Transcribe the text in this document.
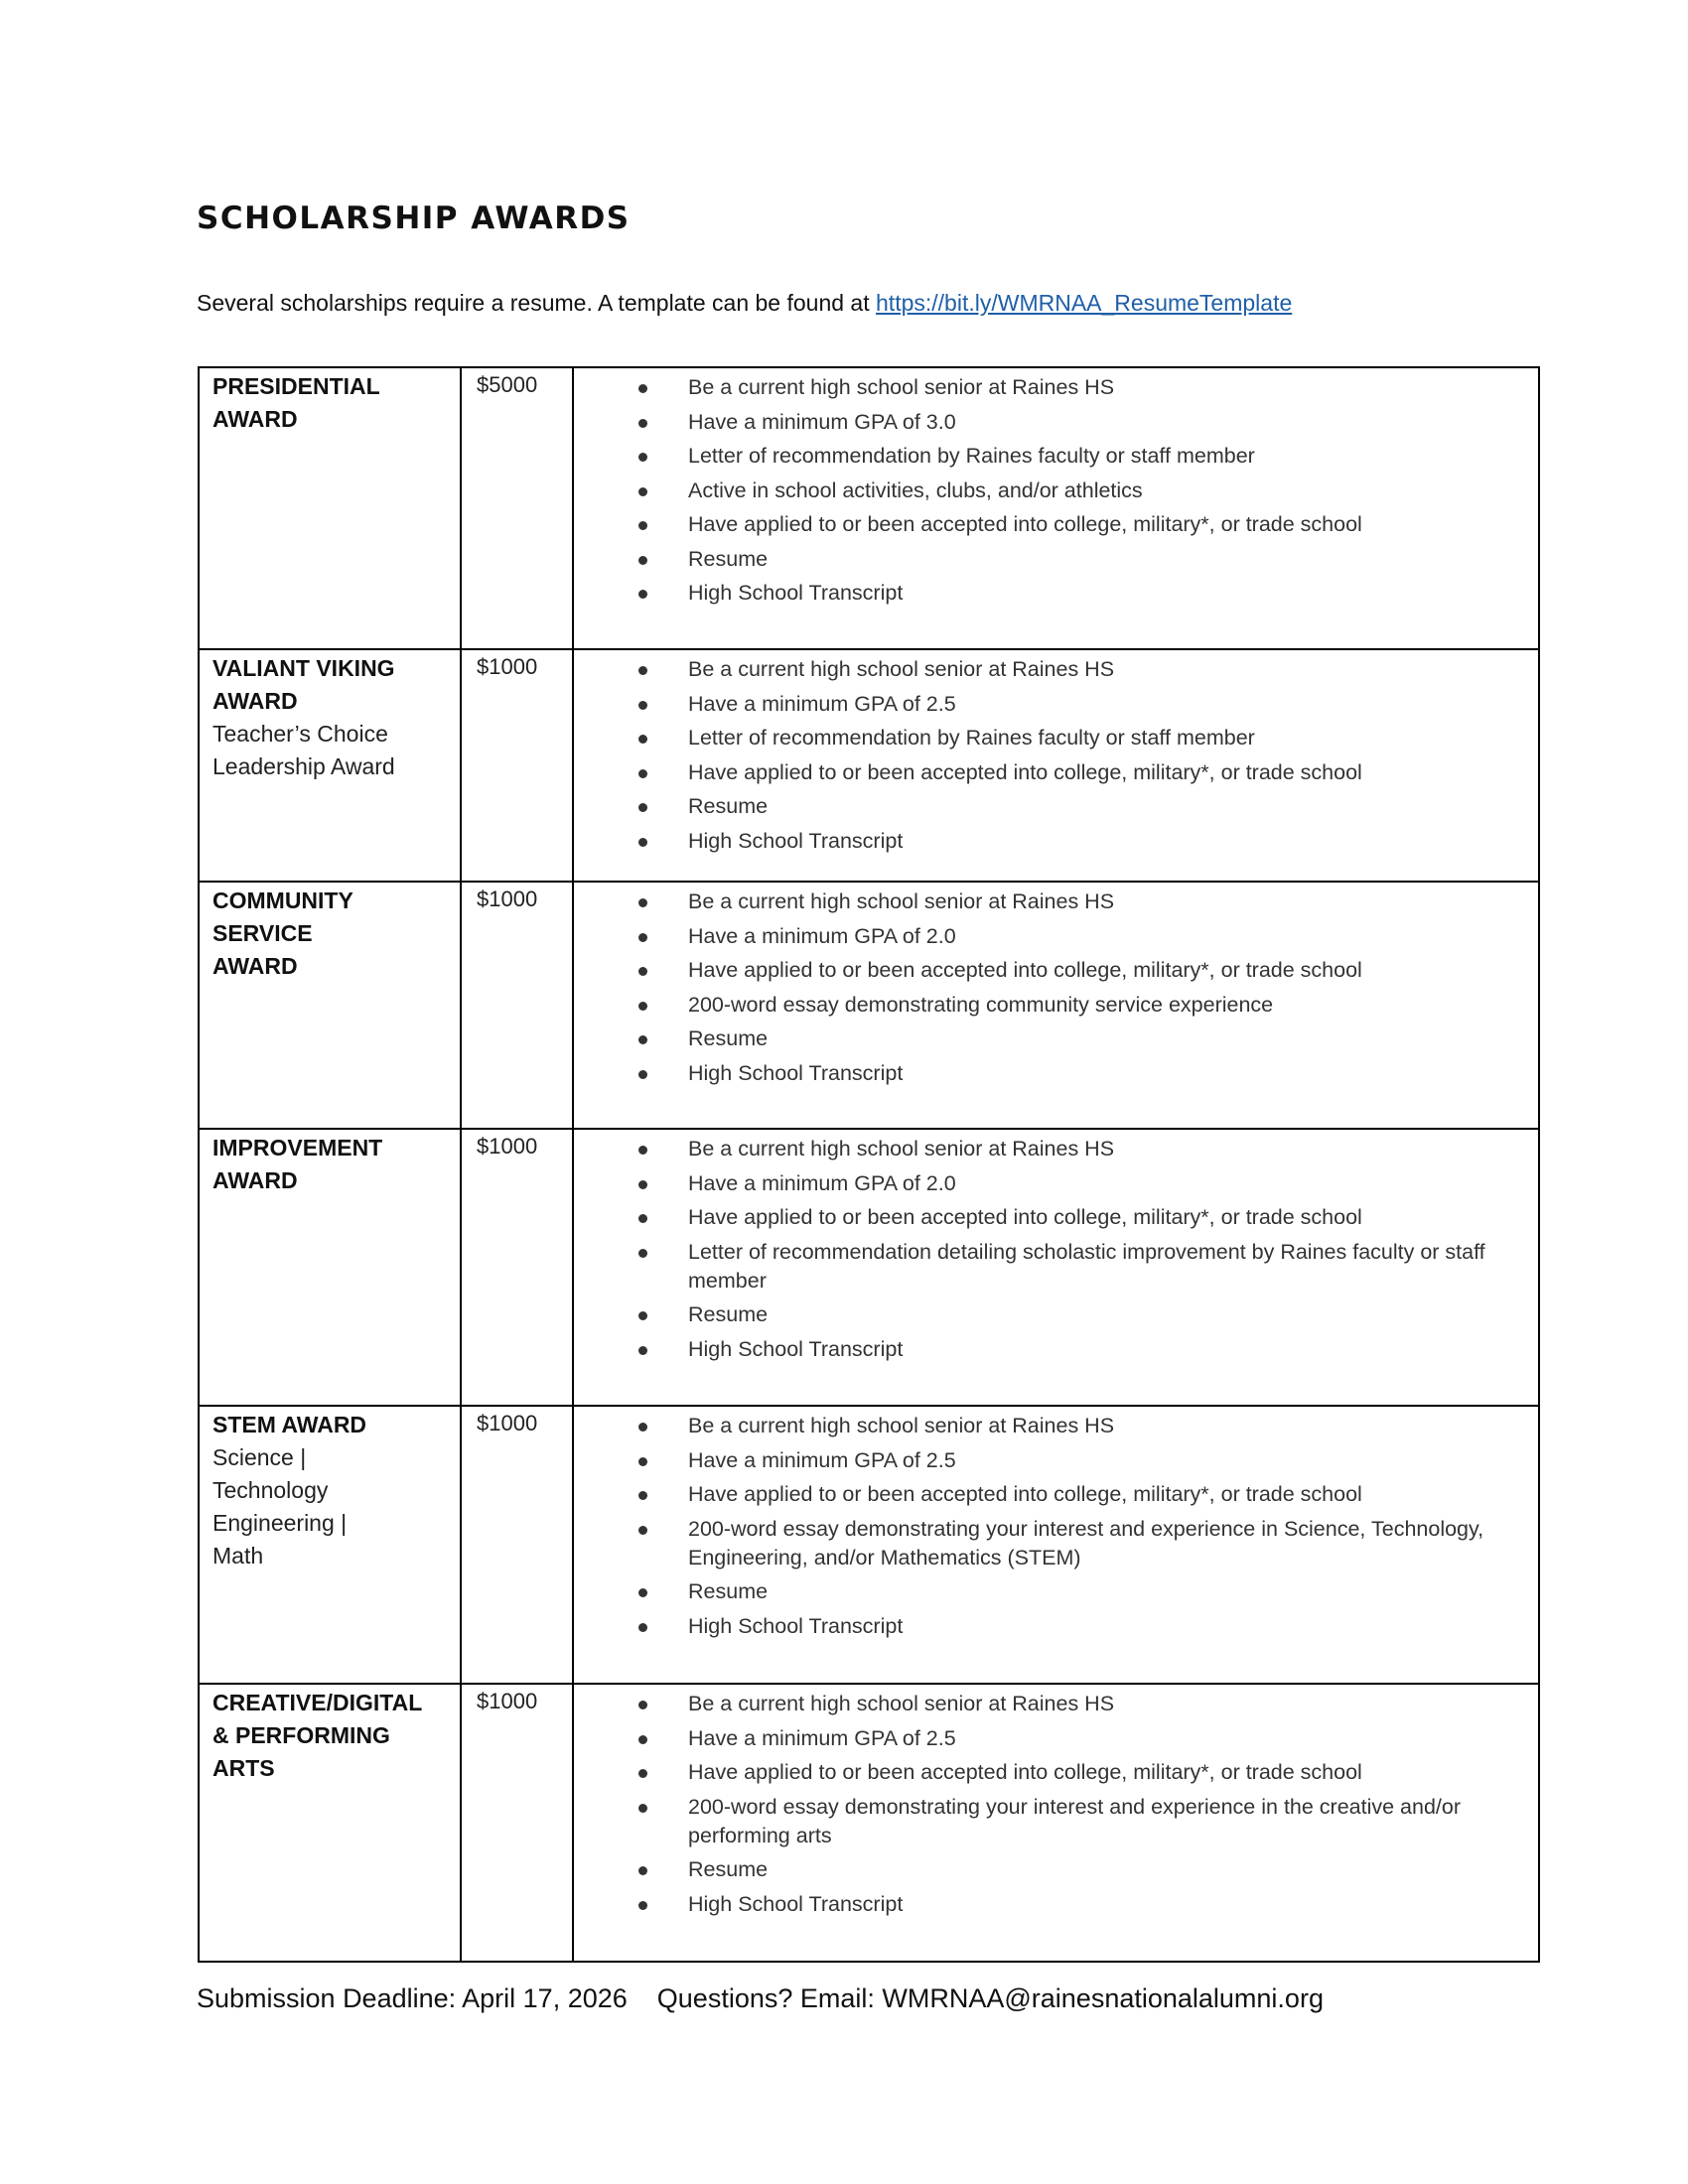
SCHOLARSHIP AWARDS
Several scholarships require a resume. A template can be found at https://bit.ly/WMRNAA_ResumeTemplate
PRESIDENTIAL
AWARD

$5000	Be a current high school senior at Raines HS
Have a minimum GPA of 3.0
Letter of recommendation by Raines faculty or staff member
Active in school activities, clubs, and/or athletics
Have applied to or been accepted into college, military*, or trade school
Resume
High School Transcript

VALIANT VIKING
AWARD
Teacher’s Choice
Leadership Award

$1000	Be a current high school senior at Raines HS
Have a minimum GPA of 2.5
Letter of recommendation by Raines faculty or staff member
Have applied to or been accepted into college, military*, or trade school
Resume
High School Transcript

COMMUNITY
SERVICE
AWARD

$1000	Be a current high school senior at Raines HS
Have a minimum GPA of 2.0
Have applied to or been accepted into college, military*, or trade school
200-word essay demonstrating community service experience
Resume
High School Transcript

IMPROVEMENT
AWARD

$1000	Be a current high school senior at Raines HS
Have a minimum GPA of 2.0
Have applied to or been accepted into college, military*, or trade school
Letter of recommendation detailing scholastic improvement by Raines faculty or staff member
Resume
High School Transcript

STEM AWARD
Science |
Technology
Engineering |
Math

$1000	Be a current high school senior at Raines HS
Have a minimum GPA of 2.5
Have applied to or been accepted into college, military*, or trade school
200-word essay demonstrating your interest and experience in Science, Technology, Engineering, and/or Mathematics (STEM)
Resume
High School Transcript

CREATIVE/DIGITAL
& PERFORMING
ARTS

$1000	Be a current high school senior at Raines HS
Have a minimum GPA of 2.5
Have applied to or been accepted into college, military*, or trade school
200-word essay demonstrating your interest and experience in the creative and/or performing arts
Resume
High School Transcript
Submission Deadline: April 17, 2026 Questions? Email: WMRNAA@rainesnationalalumni.org
